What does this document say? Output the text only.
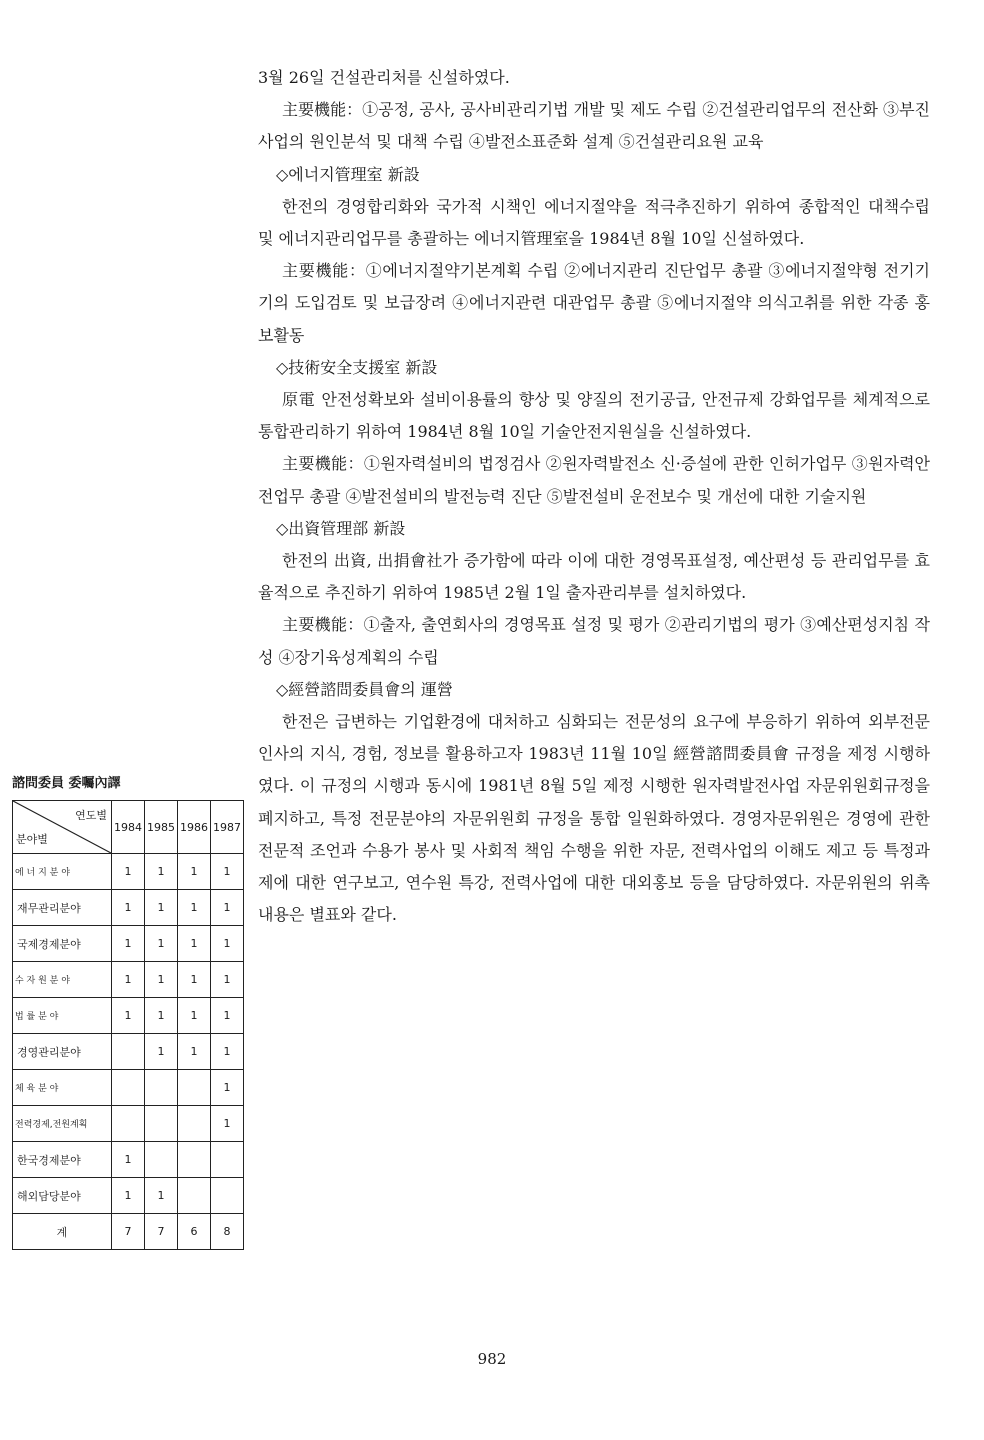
3월 26일 건설관리처를 신설하였다.

主要機能：①공정, 공사, 공사비관리기법 개발 및 제도 수립 ②건설관리업무의 전산화 ③부진사업의 원인분석 및 대책 수립 ④발전소표준화 설계 ⑤건설관리요원 교육

◇에너지管理室 新設

한전의 경영합리화와 국가적 시책인 에너지절약을 적극추진하기 위하여 종합적인 대책수립 및 에너지관리업무를 총괄하는 에너지管理室을 1984년 8월 10일 신설하였다.

主要機能：①에너지절약기본계획 수립 ②에너지관리 진단업무 총괄 ③에너지절약형 전기기기의 도입검토 및 보급장려 ④에너지관련 대관업무 총괄 ⑤에너지절약 의식고취를 위한 각종 홍보활동

◇技術安全支援室 新設

原電 안전성확보와 설비이용률의 향상 및 양질의 전기공급, 안전규제 강화업무를 체계적으로 통합관리하기 위하여 1984년 8월 10일 기술안전지원실을 신설하였다.

主要機能：①원자력설비의 법정검사 ②원자력발전소 신·증설에 관한 인허가업무 ③원자력안전업무 총괄 ④발전설비의 발전능력 진단 ⑤발전설비 운전보수 및 개선에 대한 기술지원

◇出資管理部 新設

한전의 出資, 出捐會社가 증가함에 따라 이에 대한 경영목표설정, 예산편성 등 관리업무를 효율적으로 추진하기 위하여 1985년 2월 1일 출자관리부를 설치하였다.

主要機能：①출자, 출연회사의 경영목표 설정 및 평가 ②관리기법의 평가 ③예산편성지침 작성 ④장기육성계획의 수립

◇經營諮問委員會의 運營

한전은 급변하는 기업환경에 대처하고 심화되는 전문성의 요구에 부응하기 위하여 외부전문인사의 지식, 경험, 정보를 활용하고자 1983년 11월 10일 經營諮問委員會 규정을 제정 시행하였다. 이 규정의 시행과 동시에 1981년 8월 5일 제정 시행한 원자력발전사업 자문위원회규정을 폐지하고, 특정 전문분야의 자문위원회 규정을 통합 일원화하였다. 경영자문위원은 경영에 관한 전문적 조언과 수용가 봉사 및 사회적 책임 수행을 위한 자문, 전력사업의 이해도 제고 등 특정과제에 대한 연구보고, 연수원 특강, 전력사업에 대한 대외홍보 등을 담당하였다. 자문위원의 위촉내용은 별표와 같다.

諮問委員 委囑內譯
연도별
분야별	1984	1985	1986	1987
에 너 지 분 야	1	1	1	1
재무관리분야	1	1	1	1
국제경제분야	1	1	1	1
수 자 원 분 야	1	1	1	1
법 률 분 야	1	1	1	1
경영관리분야		1	1	1
체 육 분 야				1
전력경제,전원계획				1
한국경제분야	1			
해외담당분야	1	1		
계	7	7	6	8
982
